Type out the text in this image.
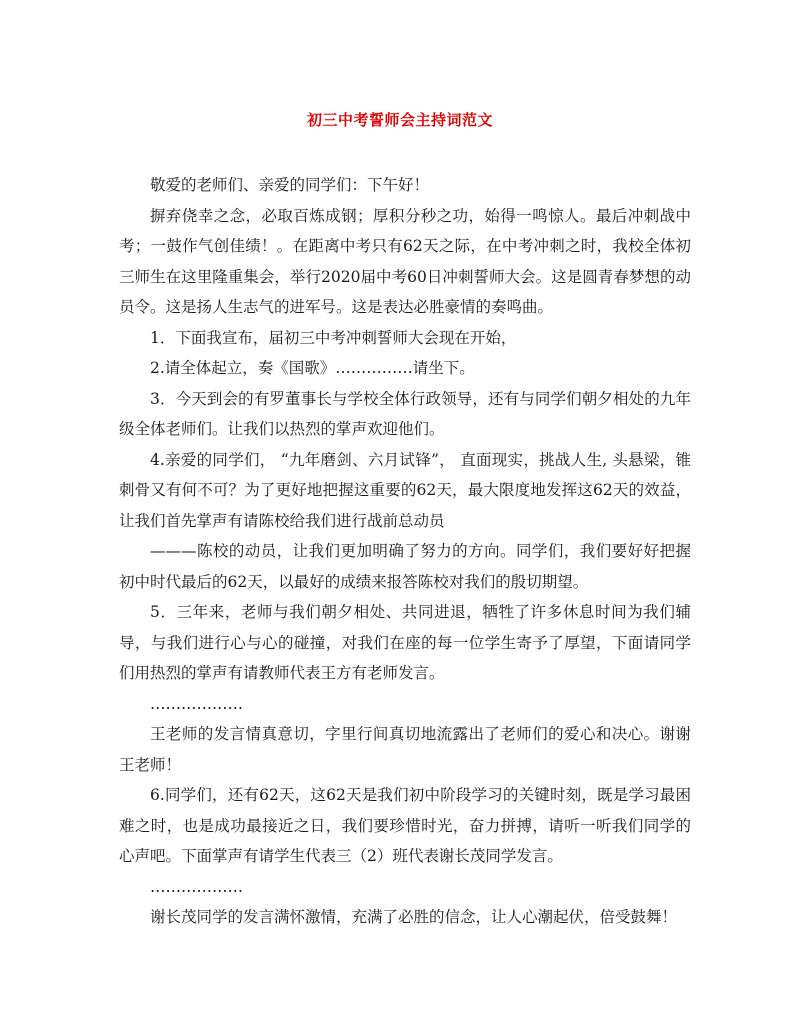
初三中考誓师会主持词范文

敬爱的老师们、亲爱的同学们：下午好！

摒弃侥幸之念，必取百炼成钢；厚积分秒之功，始得一鸣惊人。最后冲刺战中考；一鼓作气创佳绩！。在距离中考只有62天之际，在中考冲刺之时，我校全体初三师生在这里隆重集会，举行2020届中考60日冲刺誓师大会。这是圆青春梦想的动员令。这是扬人生志气的进军号。这是表达必胜豪情的奏鸣曲。

1．下面我宣布，届初三中考冲刺誓师大会现在开始，

2.请全体起立，奏《国歌》……………请坐下。

3．今天到会的有罗董事长与学校全体行政领导，还有与同学们朝夕相处的九年级全体老师们。让我们以热烈的掌声欢迎他们。

4.亲爱的同学们， “九年磨剑、六月试锋”， 直面现实，挑战人生, 头悬梁，锥刺骨又有何不可？为了更好地把握这重要的62天，最大限度地发挥这62天的效益，让我们首先掌声有请陈校给我们进行战前总动员

———陈校的动员，让我们更加明确了努力的方向。同学们，我们要好好把握初中时代最后的62天，以最好的成绩来报答陈校对我们的殷切期望。

5．三年来，老师与我们朝夕相处、共同进退，牺牲了许多休息时间为我们辅导，与我们进行心与心的碰撞，对我们在座的每一位学生寄予了厚望，下面请同学们用热烈的掌声有请教师代表王方有老师发言。

………………

王老师的发言情真意切，字里行间真切地流露出了老师们的爱心和决心。谢谢王老师！

6.同学们，还有62天，这62天是我们初中阶段学习的关键时刻，既是学习最困难之时，也是成功最接近之日，我们要珍惜时光，奋力拼搏，请听一听我们同学的心声吧。下面掌声有请学生代表三（2）班代表谢长茂同学发言。

………………

谢长茂同学的发言满怀激情，充满了必胜的信念，让人心潮起伏，倍受鼓舞！
